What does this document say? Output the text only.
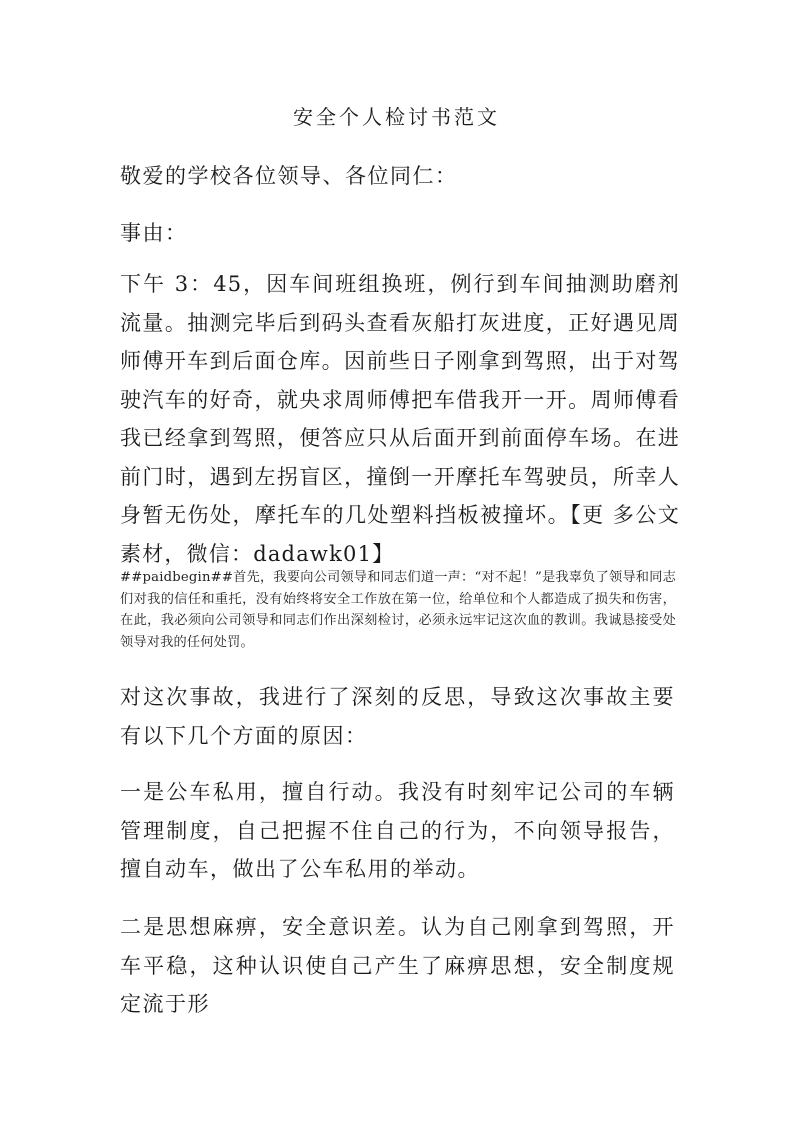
安全个人检讨书范文
敬爱的学校各位领导、各位同仁：
事由：
下午 3：45，因车间班组换班，例行到车间抽测助磨剂流量。抽测完毕后到码头查看灰船打灰进度，正好遇见周师傅开车到后面仓库。因前些日子刚拿到驾照，出于对驾驶汽车的好奇，就央求周师傅把车借我开一开。周师傅看我已经拿到驾照，便答应只从后面开到前面停车场。在进前门时，遇到左拐盲区，撞倒一开摩托车驾驶员，所幸人身暂无伤处，摩托车的几处塑料挡板被撞坏。【更 多公文素材，微信：dadawk01】
##paidbegin##首先，我要向公司领导和同志们道一声：“对不起！”是我辜负了领导和同志们对我的信任和重托，没有始终将安全工作放在第一位，给单位和个人都造成了损失和伤害，在此，我必须向公司领导和同志们作出深刻检讨，必须永远牢记这次血的教训。我诚恳接受处领导对我的任何处罚。
对这次事故，我进行了深刻的反思，导致这次事故主要有以下几个方面的原因：
一是公车私用，擅自行动。我没有时刻牢记公司的车辆管理制度，自己把握不住自己的行为，不向领导报告，擅自动车，做出了公车私用的举动。
二是思想麻痹，安全意识差。认为自己刚拿到驾照，开车平稳，这种认识使自己产生了麻痹思想，安全制度规定流于形
